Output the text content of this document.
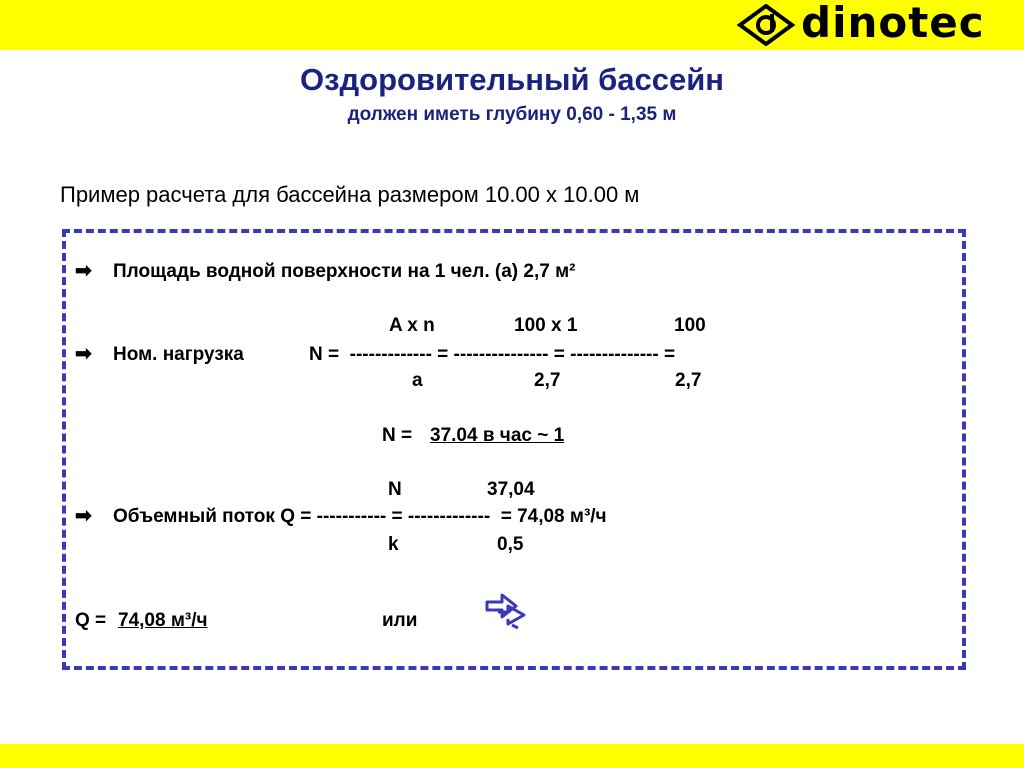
dinotec
Оздоровительный бассейн
должен иметь глубину 0,60 - 1,35 м
Пример расчета для бассейна размером 10.00 х 10.00 м
➡ Площадь водной поверхности на 1 чел. (а) 2,7 м²
A x n	100 x 1	100
➡ Ном. нагрузка	N =  ------------- = --------------- = -------------- =
a	2,7	2,7
N = 37.04 в час ~ 1
N	37,04
➡ Объемный поток Q = ----------- = -------------  = 74,08 м³/ч
k	0,5
Q = 74,08 м³/ч	или
